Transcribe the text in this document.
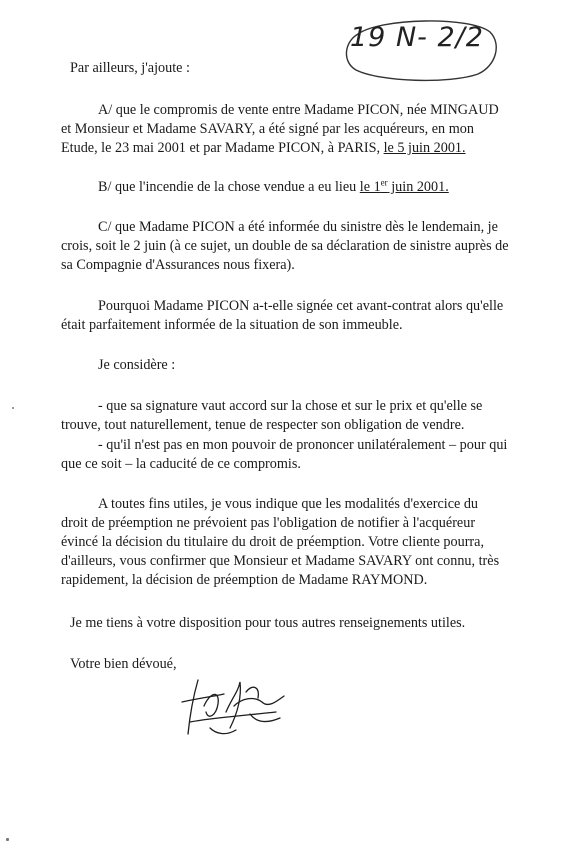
19 N- 2/2

Par ailleurs, j'ajoute :

A/ que le compromis de vente entre Madame PICON, née MINGAUD

et Monsieur et Madame SAVARY, a été signé par les acquéreurs, en mon

Etude, le 23 mai 2001 et par Madame PICON, à PARIS, le 5 juin 2001.

B/ que l'incendie de la chose vendue a eu lieu le 1er juin 2001.

C/ que Madame PICON a été informée du sinistre dès le lendemain, je

crois, soit le 2 juin (à ce sujet, un double de sa déclaration de sinistre auprès de

sa Compagnie d'Assurances nous fixera).

Pourquoi Madame PICON a-t-elle signée cet avant-contrat alors qu'elle

était parfaitement informée de la situation de son immeuble.

Je considère :

- que sa signature vaut accord sur la chose et sur le prix et qu'elle se

trouve, tout naturellement, tenue de respecter son obligation de vendre.

- qu'il n'est pas en mon pouvoir de prononcer unilatéralement – pour qui

que ce soit – la caducité de ce compromis.

A toutes fins utiles, je vous indique que les modalités d'exercice du

droit de préemption ne prévoient pas l'obligation de notifier à l'acquéreur

évincé la décision du titulaire du droit de préemption. Votre cliente pourra,

d'ailleurs, vous confirmer que Monsieur et Madame SAVARY ont connu, très

rapidement, la décision de préemption de Madame RAYMOND.

Je me tiens à votre disposition pour tous autres renseignements utiles.

Votre bien dévoué,
